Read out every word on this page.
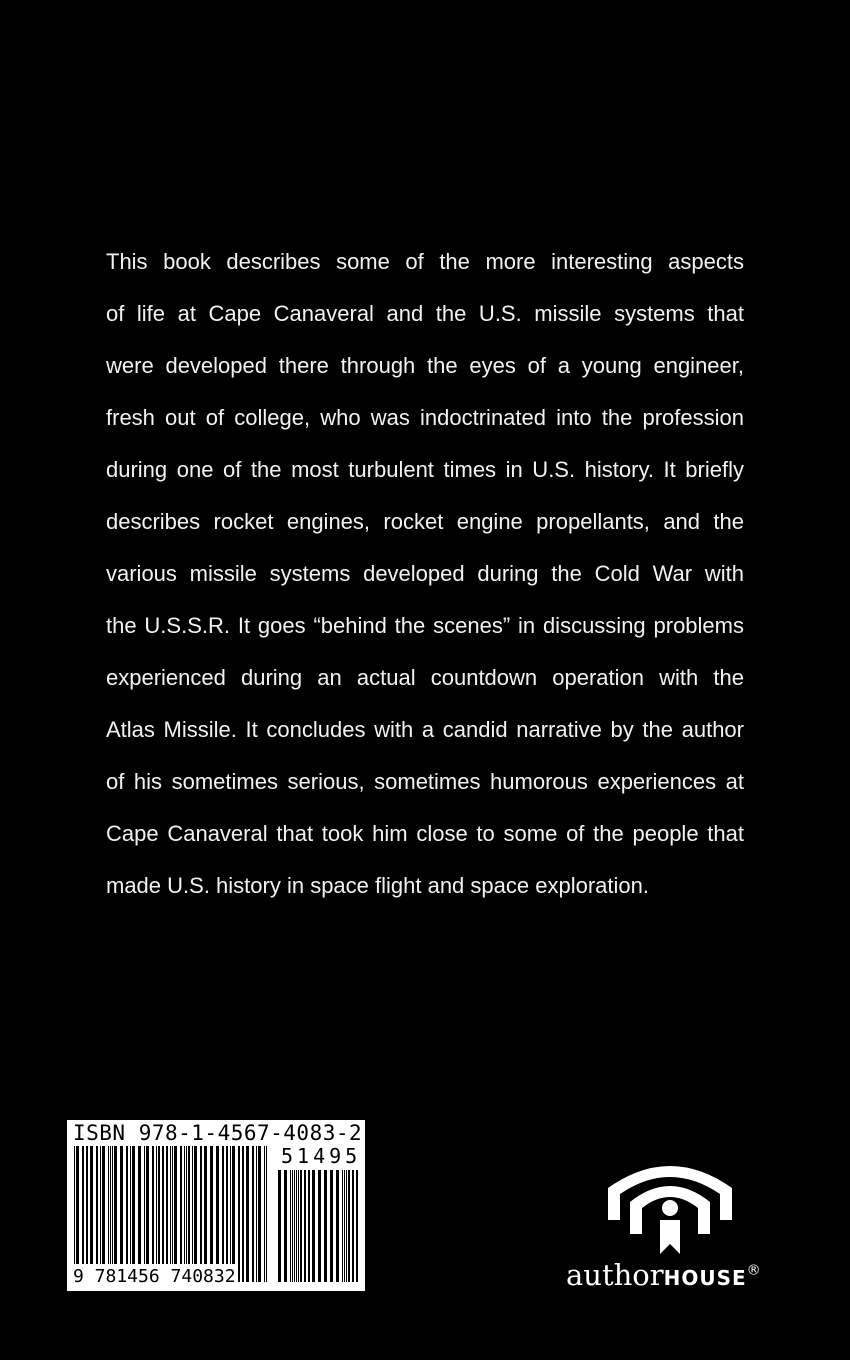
This book describes some of the more interesting aspects
of life at Cape Canaveral and the U.S. missile systems that
were developed there through the eyes of a young engineer,
fresh out of college, who was indoctrinated into the profession
during one of the most turbulent times in U.S. history. It briefly
describes rocket engines, rocket engine propellants, and the
various missile systems developed during the Cold War with
the U.S.S.R. It goes “behind the scenes” in discussing problems
experienced during an actual countdown operation with the
Atlas Missile. It concludes with a candid narrative by the author
of his sometimes serious, sometimes humorous experiences at
Cape Canaveral that took him close to some of the people that
made U.S. history in space flight and space exploration.
ISBN 978-1-4567-4083-2
51495
9 781456 740832	authorHOUSE®
